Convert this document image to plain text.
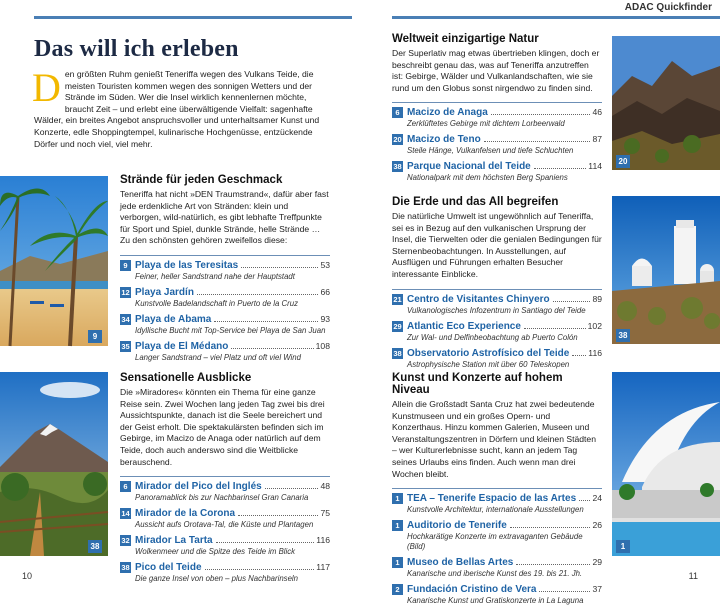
ADAC Quickfinder
Das will ich erleben
D en größten Ruhm genießt Teneriffa wegen des Vulkans Teide, die meisten Touristen kommen wegen des sonnigen Wetters und der Strände im Süden. Wer die Insel wirklich kennenlernen möchte, braucht Zeit – und erlebt eine überwältigende Vielfalt: sagenhafte Wälder, ein breites Angebot anspruchsvoller und unterhaltsamer Kunst und Konzerte, edle Shoppingtempel, kulinarische Hochgenüsse, entzückende Dörfer und noch viel, viel mehr.
9
Strände für jeden Geschmack

Teneriffa hat nicht »DEN Traumstrand«, dafür aber fast jede erdenkliche Art von Stränden: klein und verborgen, wild-natürlich, es gibt lebhafte Treffpunkte für Sport und Spiel, dunkle Strände, helle Strände … Zu den schönsten gehören zweifellos diese:

9 Playa de las Teresitas	53
Feiner, heller Sandstrand nahe der Hauptstadt
12 Playa Jardín	66
Kunstvolle Badelandschaft in Puerto de la Cruz
34 Playa de Abama	93
Idyllische Bucht mit Top-Service bei Playa de San Juan
35 Playa de El Médano	108
Langer Sandstrand – viel Platz und oft viel Wind
38
Sensationelle Ausblicke

Die »Miradores« könnten ein Thema für eine ganze Reise sein. Zwei Wochen lang jeden Tag zwei bis drei Aussichtspunkte, danach ist die Seele bereichert und der Geist erholt. Die spektakulärsten befinden sich im Gebirge, im Macizo de Anaga oder natürlich auf dem Teide, doch auch anderswo sind die Weitblicke berauschend.

6 Mirador del Pico del Inglés	48
Panoramablick bis zur Nachbarinsel Gran Canaria
14 Mirador de la Corona	75
Aussicht aufs Orotava-Tal, die Küste und Plantagen
32 Mirador La Tarta	116
Wolkenmeer und die Spitze des Teide im Blick
38 Pico del Teide	117
Die ganze Insel von oben – plus Nachbarinseln
Weltweit einzigartige Natur

Der Superlativ mag etwas übertrieben klingen, doch er beschreibt genau das, was auf Teneriffa anzutreffen ist: Gebirge, Wälder und Vulkanlandschaften, wie sie rund um den Globus sonst nirgendwo zu finden sind.

6 Macizo de Anaga	46
Zerklüftetes Gebirge mit dichtem Lorbeerwald
20 Macizo de Teno	87
Steile Hänge, Vulkanfelsen und tiefe Schluchten
38 Parque Nacional del Teide	114
Nationalpark mit dem höchsten Berg Spaniens
20
Die Erde und das All begreifen

Die natürliche Umwelt ist ungewöhnlich auf Teneriffa, sei es in Bezug auf den vulkanischen Ursprung der Insel, die Tierwelten oder die genialen Bedingungen für Sternenbeobachtungen. In Ausstellungen, auf Ausflügen und Führungen erhalten Besucher interessante Einblicke.

21 Centro de Visitantes Chinyero	89
Vulkanologisches Infozentrum in Santiago del Teide
29 Atlantic Eco Experience	102
Zur Wal- und Delfinbeobachtung ab Puerto Colón
38 Observatorio Astrofísico del Teide 116
Astrophysische Station mit über 60 Teleskopen
38
Kunst und Konzerte auf hohem Niveau

Allein die Großstadt Santa Cruz hat zwei bedeutende Kunstmuseen und ein großes Opern- und Konzerthaus. Hinzu kommen Galerien, Museen und Veranstaltungszentren in Dörfern und kleinen Städten – wer Kulturerlebnisse sucht, kann an jedem Tag seines Urlaubs eins finden. Auch wenn man drei Wochen bleibt.

1 TEA – Tenerife Espacio de las Artes 24
Kunstvolle Architektur, internationale Ausstellungen
1 Auditorio de Tenerife	26
Hochkarätige Konzerte im extravaganten Gebäude (Bild)
1 Museo de Bellas Artes	29
Kanarische und iberische Kunst des 19. bis 21. Jh.
2 Fundación Cristino de Vera	37
Kanarische Kunst und Gratiskonzerte in La Laguna
1
10	11
